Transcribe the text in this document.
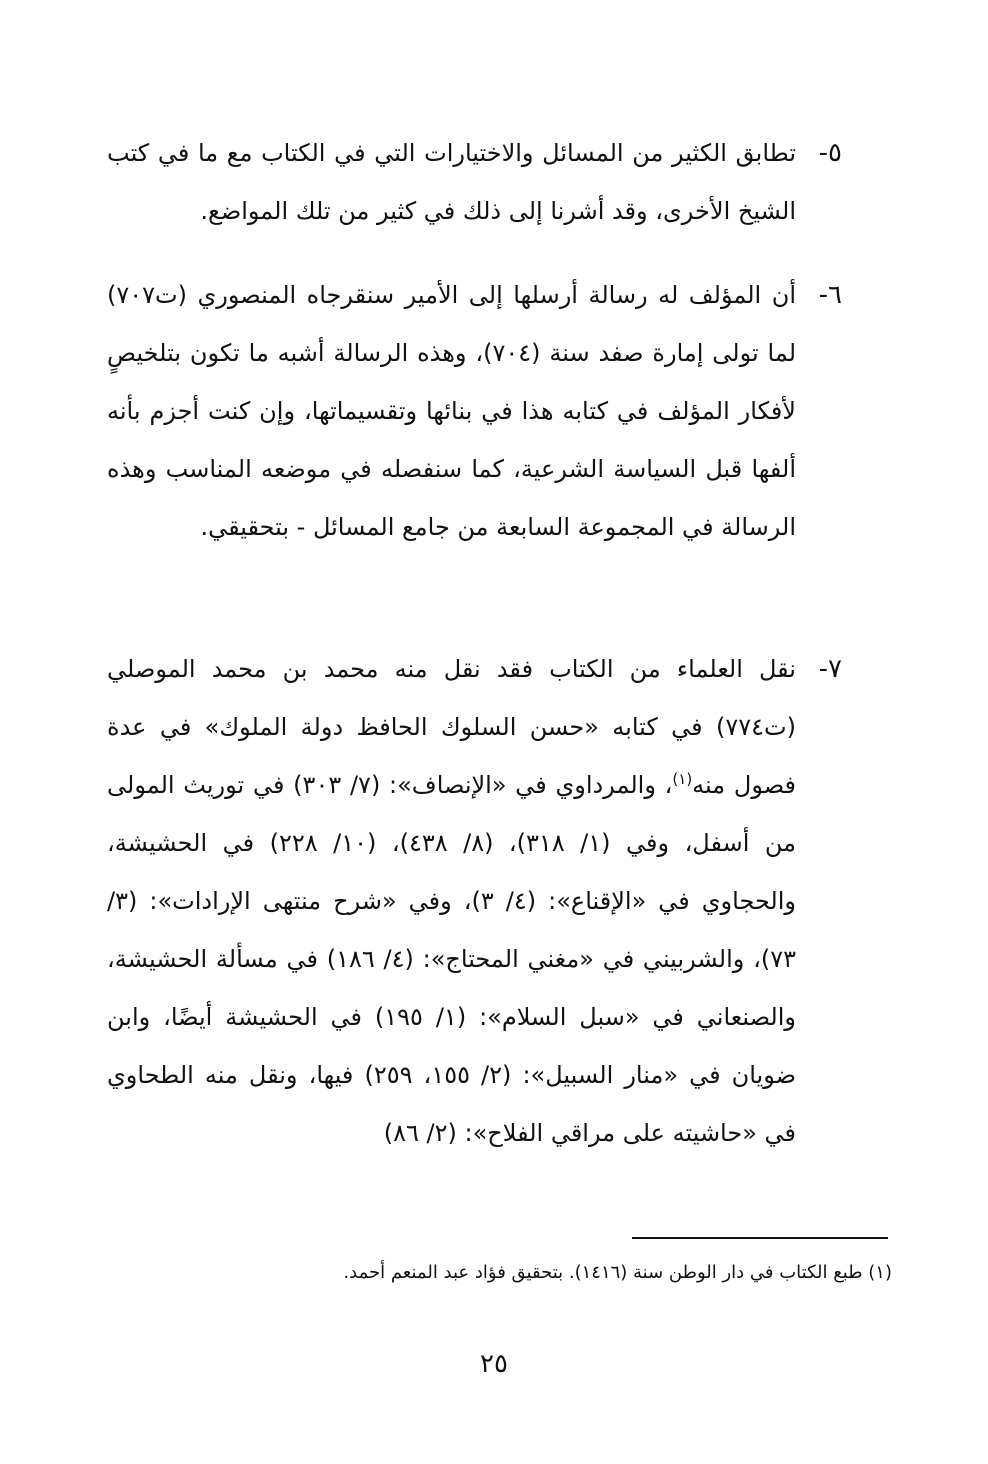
٥-
تطابق الكثير من المسائل والاختيارات التي في الكتاب مع ما في كتب الشيخ الأخرى، وقد أشرنا إلى ذلك في كثير من تلك المواضع.
٦-
أن المؤلف له رسالة أرسلها إلى الأمير سنقرجاه المنصوري (ت٧٠٧) لما تولى إمارة صفد سنة (٧٠٤)، وهذه الرسالة أشبه ما تكون بتلخيصٍ لأفكار المؤلف في كتابه هذا في بنائها وتقسيماتها، وإن كنت أجزم بأنه ألفها قبل السياسة الشرعية، كما سنفصله في موضعه المناسب وهذه الرسالة في المجموعة السابعة من جامع المسائل - بتحقيقي.
٧-
نقل العلماء من الكتاب فقد نقل منه محمد بن محمد الموصلي (ت٧٧٤) في كتابه «حسن السلوك الحافظ دولة الملوك» في عدة فصول منه$^{(١)}$، والمرداوي في «الإنصاف»: (٧/ ٣٠٣) في توريث المولى من أسفل، وفي (١/ ٣١٨)، (٨/ ٤٣٨)، (١٠/ ٢٢٨) في الحشيشة، والحجاوي في «الإقناع»: (٤/ ٣)، وفي «شرح منتهى الإرادات»: (٣/ ٧٣)، والشربيني في «مغني المحتاج»: (٤/ ١٨٦) في مسألة الحشيشة، والصنعاني في «سبل السلام»: (١/ ١٩٥) في الحشيشة أيضًا، وابن ضويان في «منار السبيل»: (٢/ ١٥٥، ٢٥٩) فيها، ونقل منه الطحاوي في «حاشيته على مراقي الفلاح»: (٢/ ٨٦)
(١) طبع الكتاب في دار الوطن سنة (١٤١٦). بتحقيق فؤاد عبد المنعم أحمد.
٢٥
